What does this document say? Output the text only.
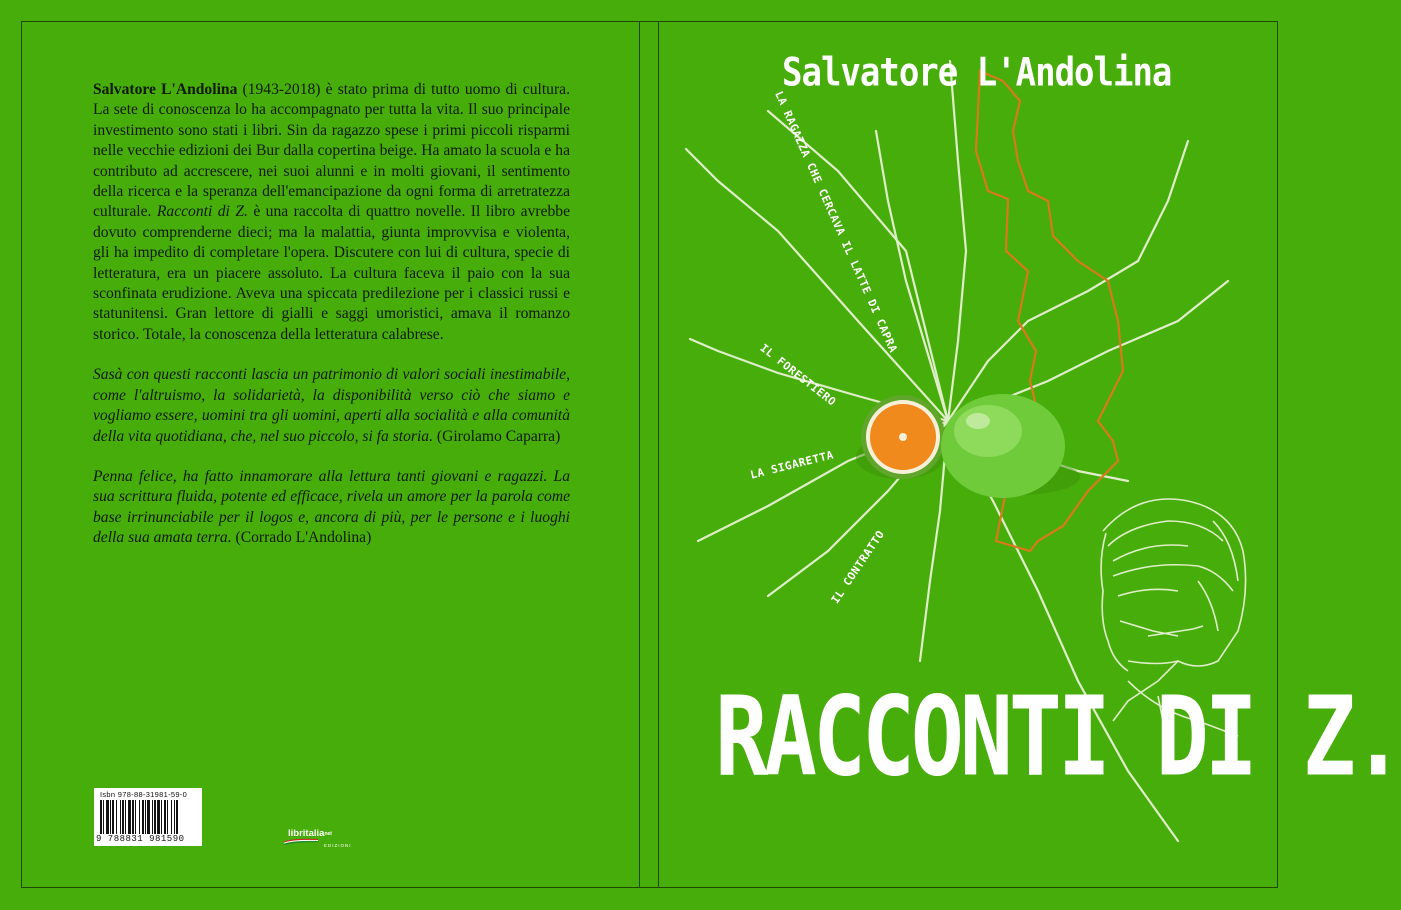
Salvatore L'Andolina (1943-2018) è stato prima di tutto uomo di cultura. La sete di conoscenza lo ha accompagnato per tutta la vita. Il suo principale investimento sono stati i libri. Sin da ragazzo spese i primi piccoli risparmi nelle vecchie edizioni dei Bur dalla copertina beige. Ha amato la scuola e ha contributo ad accrescere, nei suoi alunni e in molti giovani, il sentimento della ricerca e la speranza dell'emancipazione da ogni forma di arretratezza culturale. Racconti di Z. è una raccolta di quattro novelle. Il libro avrebbe dovuto comprenderne dieci; ma la malattia, giunta improvvisa e violenta, gli ha impedito di completare l'opera. Discutere con lui di cultura, specie di letteratura, era un piacere assoluto. La cultura faceva il paio con la sua sconfinata erudizione. Aveva una spiccata predilezione per i classici russi e statunitensi. Gran lettore di gialli e saggi umoristici, amava il romanzo storico. Totale, la conoscenza della letteratura calabrese.

Sasà con questi racconti lascia un patrimonio di valori sociali inestimabile, come l'altruismo, la solidarietà, la disponibilità verso ciò che siamo e vogliamo essere, uomini tra gli uomini, aperti alla socialità e alla comunità della vita quotidiana, che, nel suo piccolo, si fa storia. (Girolamo Caparra)

Penna felice, ha fatto innamorare alla lettura tanti giovani e ragazzi. La sua scrittura fluida, potente ed efficace, rivela un amore per la parola come base irrinunciabile per il logos e, ancora di più, per le persone e i luoghi della sua amata terra. (Corrado L'Andolina)

Isbn 978-88-31981-59-0
9 788831 981590	libritalianet
EDIZIONI
Salvatore L'Andolina
LA RAGAZZA CHE CERCAVA IL LATTE DI CAPRA
IL FORESTIERO
LA SIGARETTA
IL CONTRATTO
RACCONTI DI Z.
